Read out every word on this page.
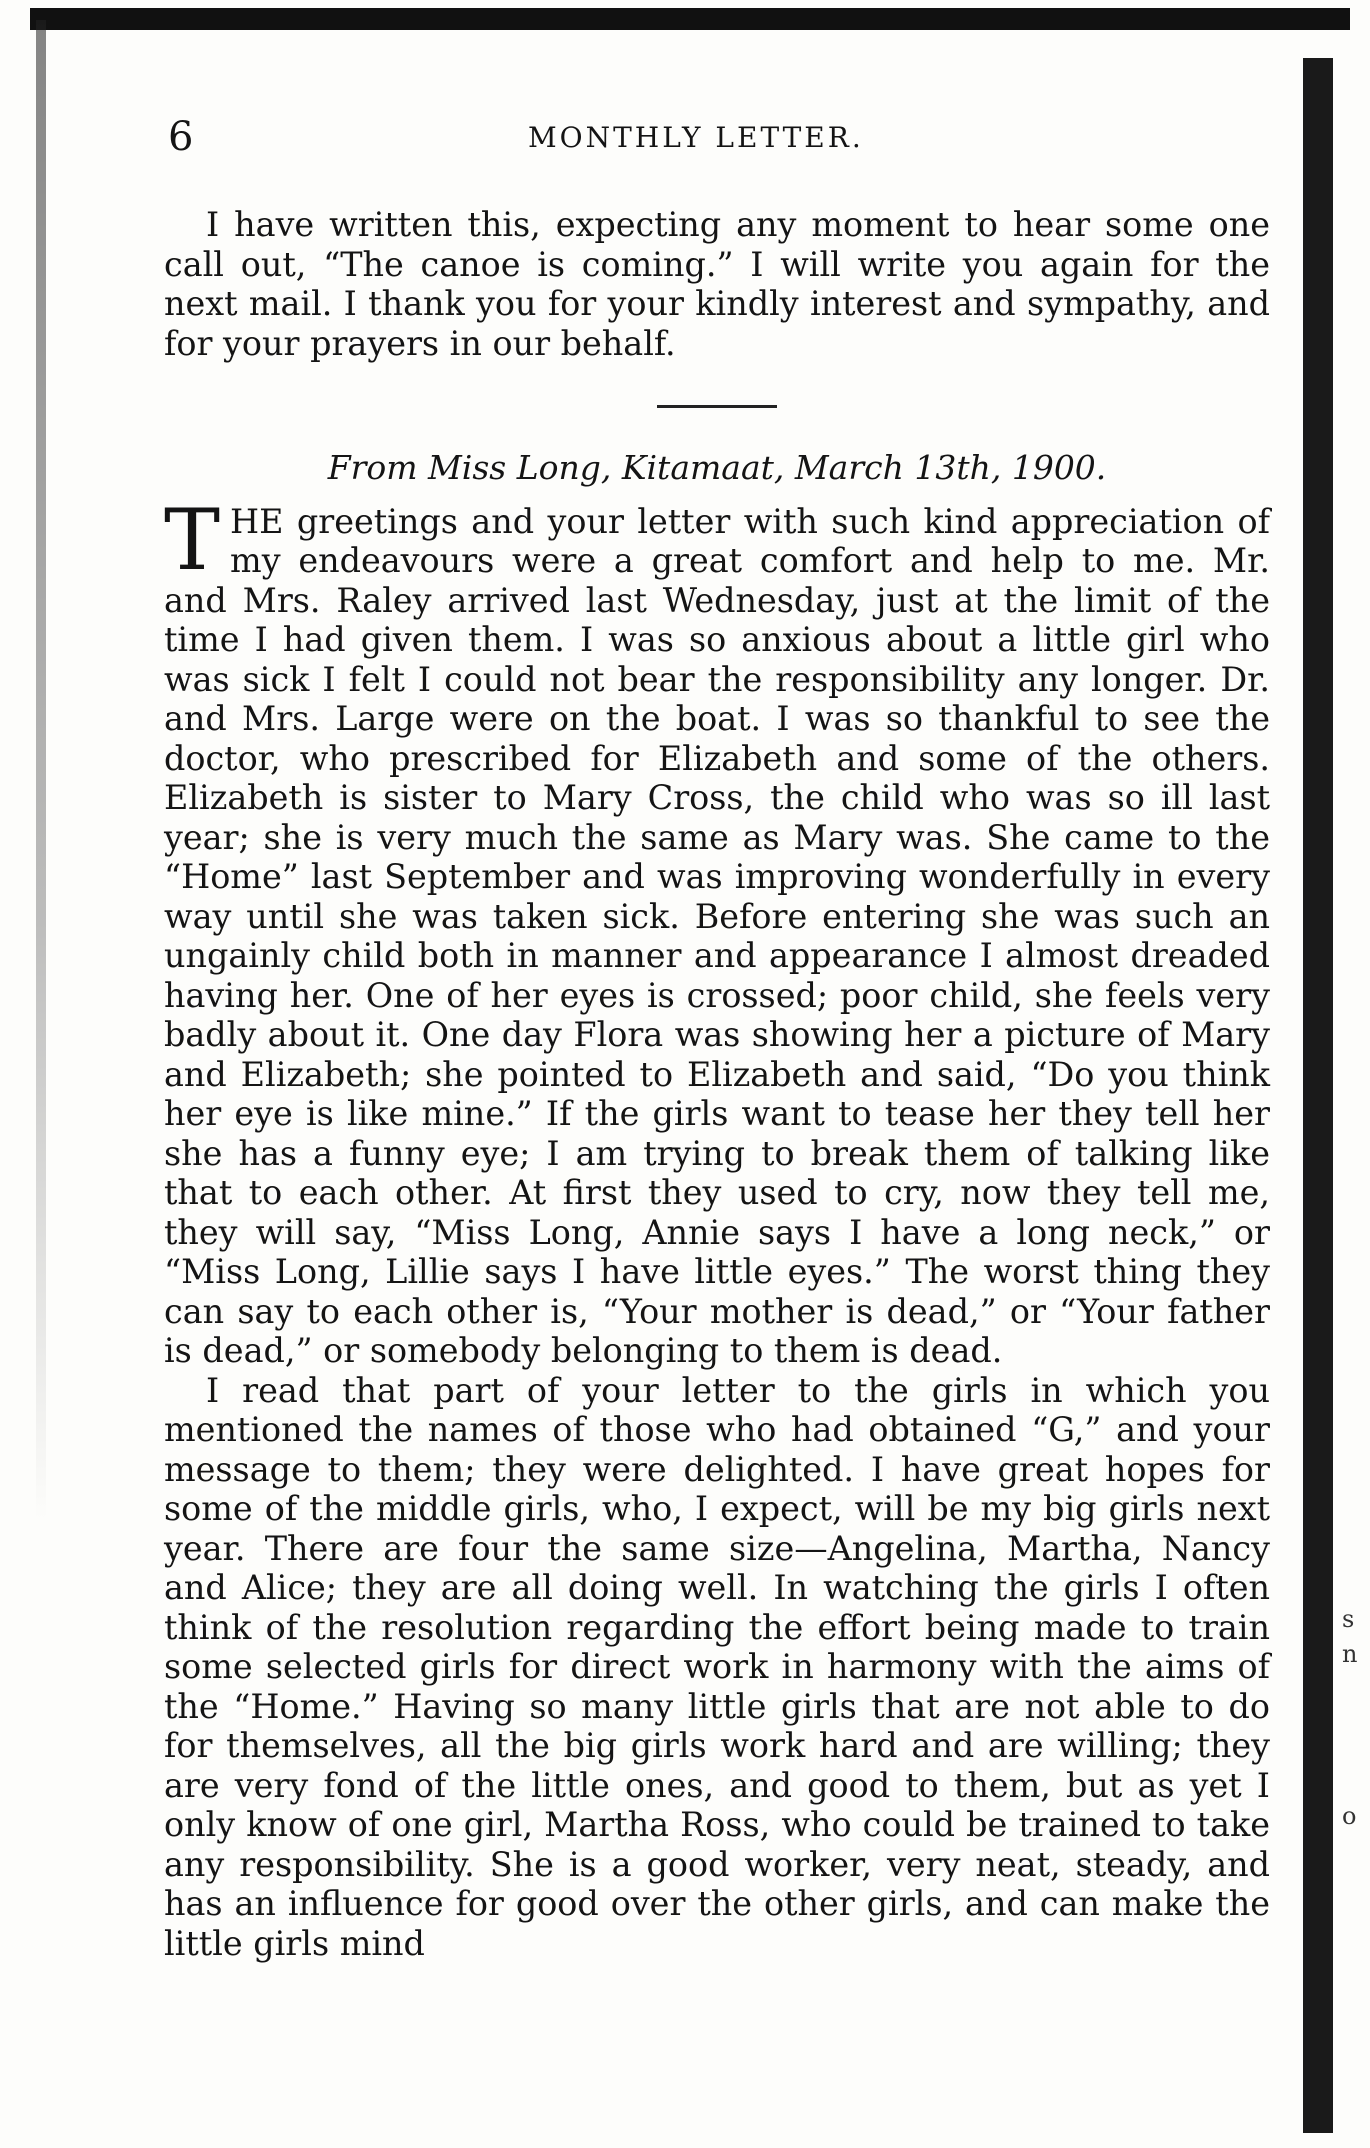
6	MONTHLY LETTER.

I have written this, expecting any moment to hear some one call out, “The canoe is coming.” I will write you again for the next mail. I thank you for your kindly interest and sympathy, and for your prayers in our behalf.

From Miss Long, Kitamaat, March 13th, 1900.

THE greetings and your letter with such kind appreciation of my endeavours were a great comfort and help to me. Mr. and Mrs. Raley arrived last Wednesday, just at the limit of the time I had given them. I was so anxious about a little girl who was sick I felt I could not bear the responsibility any longer. Dr. and Mrs. Large were on the boat. I was so thankful to see the doctor, who prescribed for Elizabeth and some of the others. Elizabeth is sister to Mary Cross, the child who was so ill last year; she is very much the same as Mary was. She came to the “Home” last September and was improving wonderfully in every way until she was taken sick. Before entering she was such an ungainly child both in manner and appearance I almost dreaded having her. One of her eyes is crossed; poor child, she feels very badly about it. One day Flora was showing her a picture of Mary and Elizabeth; she pointed to Elizabeth and said, “Do you think her eye is like mine.” If the girls want to tease her they tell her she has a funny eye; I am trying to break them of talking like that to each other. At first they used to cry, now they tell me, they will say, “Miss Long, Annie says I have a long neck,” or “Miss Long, Lillie says I have little eyes.” The worst thing they can say to each other is, “Your mother is dead,” or “Your father is dead,” or somebody belonging to them is dead.

I read that part of your letter to the girls in which you mentioned the names of those who had obtained “G,” and your message to them; they were delighted. I have great hopes for some of the middle girls, who, I expect, will be my big girls next year. There are four the same size—Angelina, Martha, Nancy and Alice; they are all doing well. In watching the girls I often think of the resolution regarding the effort being made to train some selected girls for direct work in harmony with the aims of the “Home.” Having so many little girls that are not able to do for themselves, all the big girls work hard and are willing; they are very fond of the little ones, and good to them, but as yet I only know of one girl, Martha Ross, who could be trained to take any responsibility. She is a good worker, very neat, steady, and has an influence for good over the other girls, and can make the little girls mind

s
n
o
